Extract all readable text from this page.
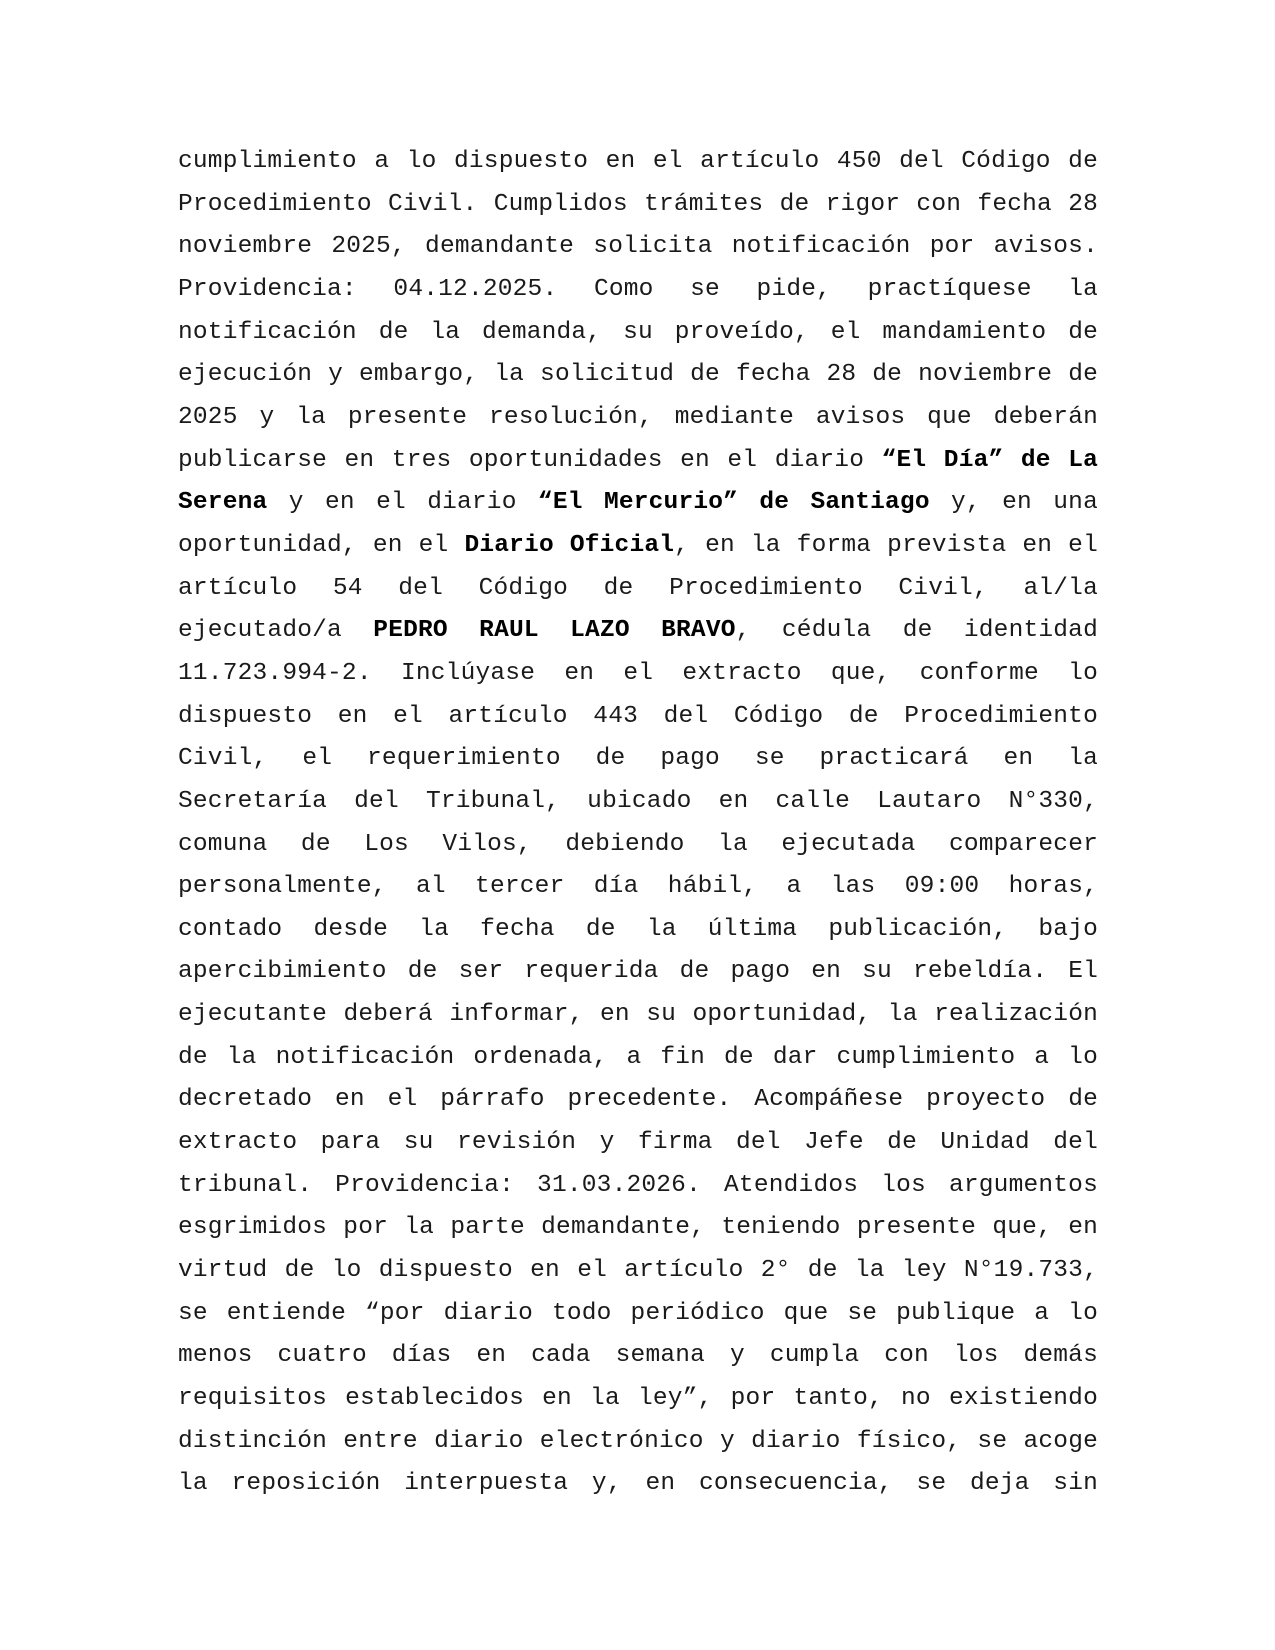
cumplimiento a lo dispuesto en el artículo 450 del Código de Procedimiento Civil. Cumplidos trámites de rigor con fecha 28 noviembre 2025, demandante solicita notificación por avisos. Providencia: 04.12.2025. Como se pide, practíquese la notificación de la demanda, su proveído, el mandamiento de ejecución y embargo, la solicitud de fecha 28 de noviembre de 2025 y la presente resolución, mediante avisos que deberán publicarse en tres oportunidades en el diario “El Día” de La Serena y en el diario “El Mercurio” de Santiago y, en una oportunidad, en el Diario Oficial, en la forma prevista en el artículo 54 del Código de Procedimiento Civil, al/la ejecutado/a PEDRO RAUL LAZO BRAVO, cédula de identidad 11.723.994-2. Inclúyase en el extracto que, conforme lo dispuesto en el artículo 443 del Código de Procedimiento Civil, el requerimiento de pago se practicará en la Secretaría del Tribunal, ubicado en calle Lautaro N°330, comuna de Los Vilos, debiendo la ejecutada comparecer personalmente, al tercer día hábil, a las 09:00 horas, contado desde la fecha de la última publicación, bajo apercibimiento de ser requerida de pago en su rebeldía. El ejecutante deberá informar, en su oportunidad, la realización de la notificación ordenada, a fin de dar cumplimiento a lo decretado en el párrafo precedente. Acompáñese proyecto de extracto para su revisión y firma del Jefe de Unidad del tribunal. Providencia: 31.03.2026. Atendidos los argumentos esgrimidos por la parte demandante, teniendo presente que, en virtud de lo dispuesto en el artículo 2° de la ley N°19.733, se entiende “por diario todo periódico que se publique a lo menos cuatro días en cada semana y cumpla con los demás requisitos establecidos en la ley”, por tanto, no existiendo distinción entre diario electrónico y diario físico, se acoge la reposición interpuesta y, en consecuencia, se deja sin
